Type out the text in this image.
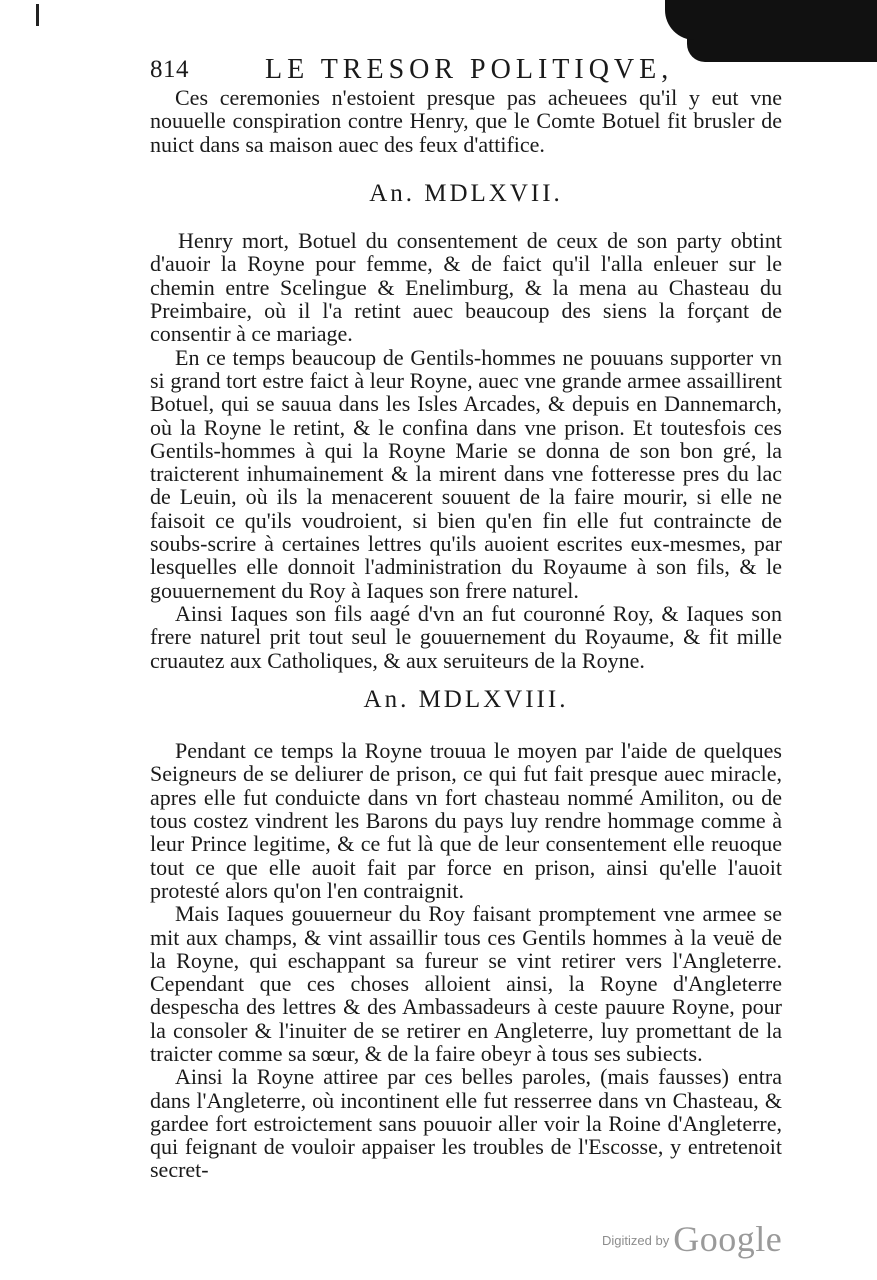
814	LE TRESOR POLITIQVE,

Ces ceremonies n'estoient presque pas acheuees qu'il y eut vne nouuelle conspiration contre Henry, que le Comte Botuel fit brusler de nuict dans sa maison auec des feux d'attifice.

An. MDLXVII.

Henry mort, Botuel du consentement de ceux de son party obtint d'auoir la Royne pour femme, & de faict qu'il l'alla enleuer sur le chemin entre Scelingue & Enelimburg, & la mena au Chasteau du Preimbaire, où il l'a retint auec beaucoup des siens la forçant de consentir à ce mariage.

En ce temps beaucoup de Gentils-hommes ne pouuans supporter vn si grand tort estre faict à leur Royne, auec vne grande armee assaillirent Botuel, qui se sauua dans les Isles Arcades, & depuis en Dannemarch, où la Royne le retint, & le confina dans vne prison. Et toutesfois ces Gentils-hommes à qui la Royne Marie se donna de son bon gré, la traicterent inhumainement & la mirent dans vne fotteresse pres du lac de Leuin, où ils la menacerent souuent de la faire mourir, si elle ne faisoit ce qu'ils voudroient, si bien qu'en fin elle fut contraincte de soubs-scrire à certaines lettres qu'ils auoient escrites eux-mesmes, par lesquelles elle donnoit l'administration du Royaume à son fils, & le gouuernement du Roy à Iaques son frere naturel.

Ainsi Iaques son fils aagé d'vn an fut couronné Roy, & Iaques son frere naturel prit tout seul le gouuernement du Royaume, & fit mille cruautez aux Catholiques, & aux seruiteurs de la Royne.

An. MDLXVIII.

Pendant ce temps la Royne trouua le moyen par l'aide de quelques Seigneurs de se deliurer de prison, ce qui fut fait presque auec miracle, apres elle fut conduicte dans vn fort chasteau nommé Amiliton, ou de tous costez vindrent les Barons du pays luy rendre hommage comme à leur Prince legitime, & ce fut là que de leur consentement elle reuoque tout ce que elle auoit fait par force en prison, ainsi qu'elle l'auoit protesté alors qu'on l'en contraignit.

Mais Iaques gouuerneur du Roy faisant promptement vne armee se mit aux champs, & vint assaillir tous ces Gentils hommes à la veuë de la Royne, qui eschappant sa fureur se vint retirer vers l'Angleterre. Cependant que ces choses alloient ainsi, la Royne d'Angleterre despescha des lettres & des Ambassadeurs à ceste pauure Royne, pour la consoler & l'inuiter de se retirer en Angleterre, luy promettant de la traicter comme sa sœur, & de la faire obeyr à tous ses subiects.

Ainsi la Royne attiree par ces belles paroles, (mais fausses) entra dans l'Angleterre, où incontinent elle fut resserree dans vn Chasteau, & gardee fort estroictement sans pouuoir aller voir la Roine d'Angleterre, qui feignant de vouloir appaiser les troubles de l'Escosse, y entretenoit secret-

$^{Digitized by}$ Google
